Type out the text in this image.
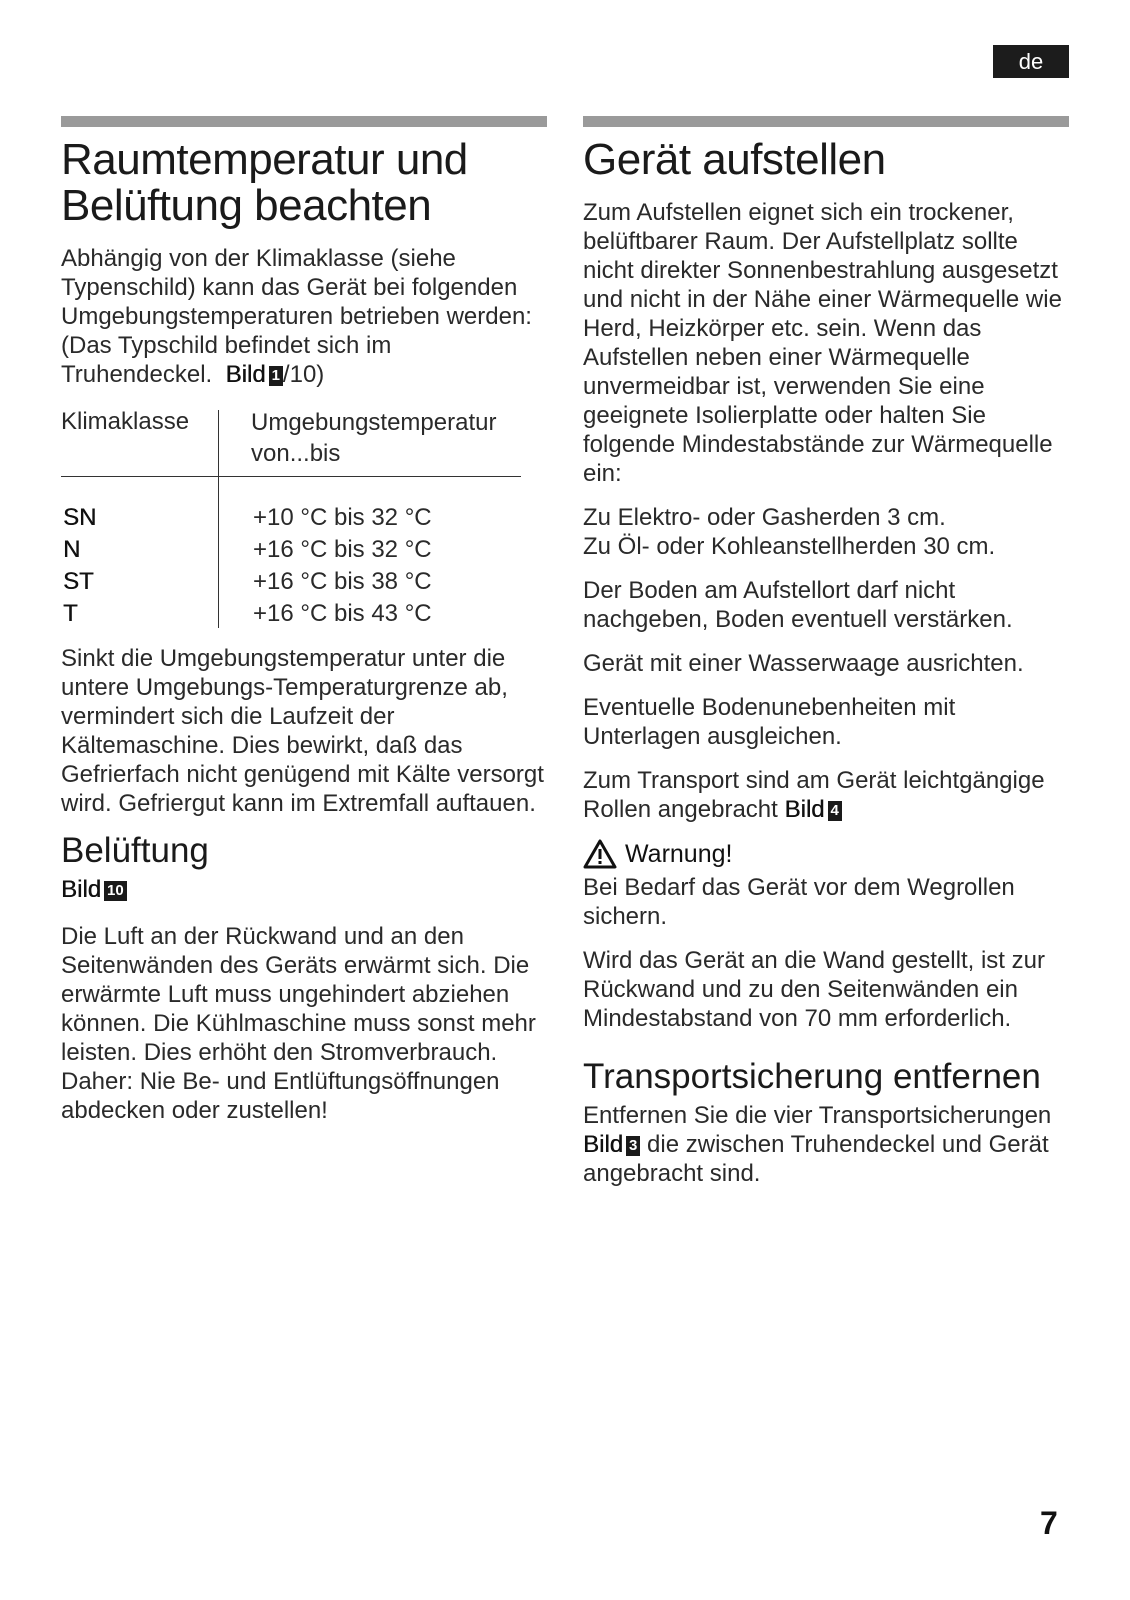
de
Raumtemperatur und Belüftung beachten

Abhängig von der Klimaklasse (siehe Typenschild) kann das Gerät bei folgenden Umgebungstemperaturen betrieben werden:

(Das Typschild befindet sich im Truhendeckel. Bild 1 /10)

Klimaklasse	Umgebungstemperatur von...bis
SN	+10 °C bis 32 °C
N	+16 °C bis 32 °C
ST	+16 °C bis 38 °C
T	+16 °C bis 43 °C

Sinkt die Umgebungstemperatur unter die untere Umgebungs-Temperaturgrenze ab, vermindert sich die Laufzeit der Kältemaschine. Dies bewirkt, daß das Gefrierfach nicht genügend mit Kälte versorgt wird. Gefriergut kann im Extremfall auftauen.

Belüftung
Bild 10

Die Luft an der Rückwand und an den Seitenwänden des Geräts erwärmt sich. Die erwärmte Luft muss ungehindert abziehen können. Die Kühlmaschine muss sonst mehr leisten. Dies erhöht den Stromverbrauch. Daher: Nie Be- und Entlüftungsöffnungen abdecken oder zustellen!

Gerät aufstellen

Zum Aufstellen eignet sich ein trockener, belüftbarer Raum. Der Aufstellplatz sollte nicht direkter Sonnenbestrahlung ausgesetzt und nicht in der Nähe einer Wärmequelle wie Herd, Heizkörper etc. sein. Wenn das Aufstellen neben einer Wärmequelle unvermeidbar ist, verwenden Sie eine geeignete Isolierplatte oder halten Sie folgende Mindestabstände zur Wärmequelle ein:

Zu Elektro- oder Gasherden 3 cm.
Zu Öl- oder Kohleanstellherden 30 cm.

Der Boden am Aufstellort darf nicht nachgeben, Boden eventuell verstärken.

Gerät mit einer Wasserwaage ausrichten.

Eventuelle Bodenunebenheiten mit Unterlagen ausgleichen.

Zum Transport sind am Gerät leichtgängige Rollen angebracht Bild 4

Warnung!

Bei Bedarf das Gerät vor dem Wegrollen sichern.

Wird das Gerät an die Wand gestellt, ist zur Rückwand und zu den Seitenwänden ein Mindestabstand von 70 mm erforderlich.

Transportsicherung entfernen

Entfernen Sie die vier Transportsicherungen Bild 3 die zwischen Truhendeckel und Gerät angebracht sind.

7
